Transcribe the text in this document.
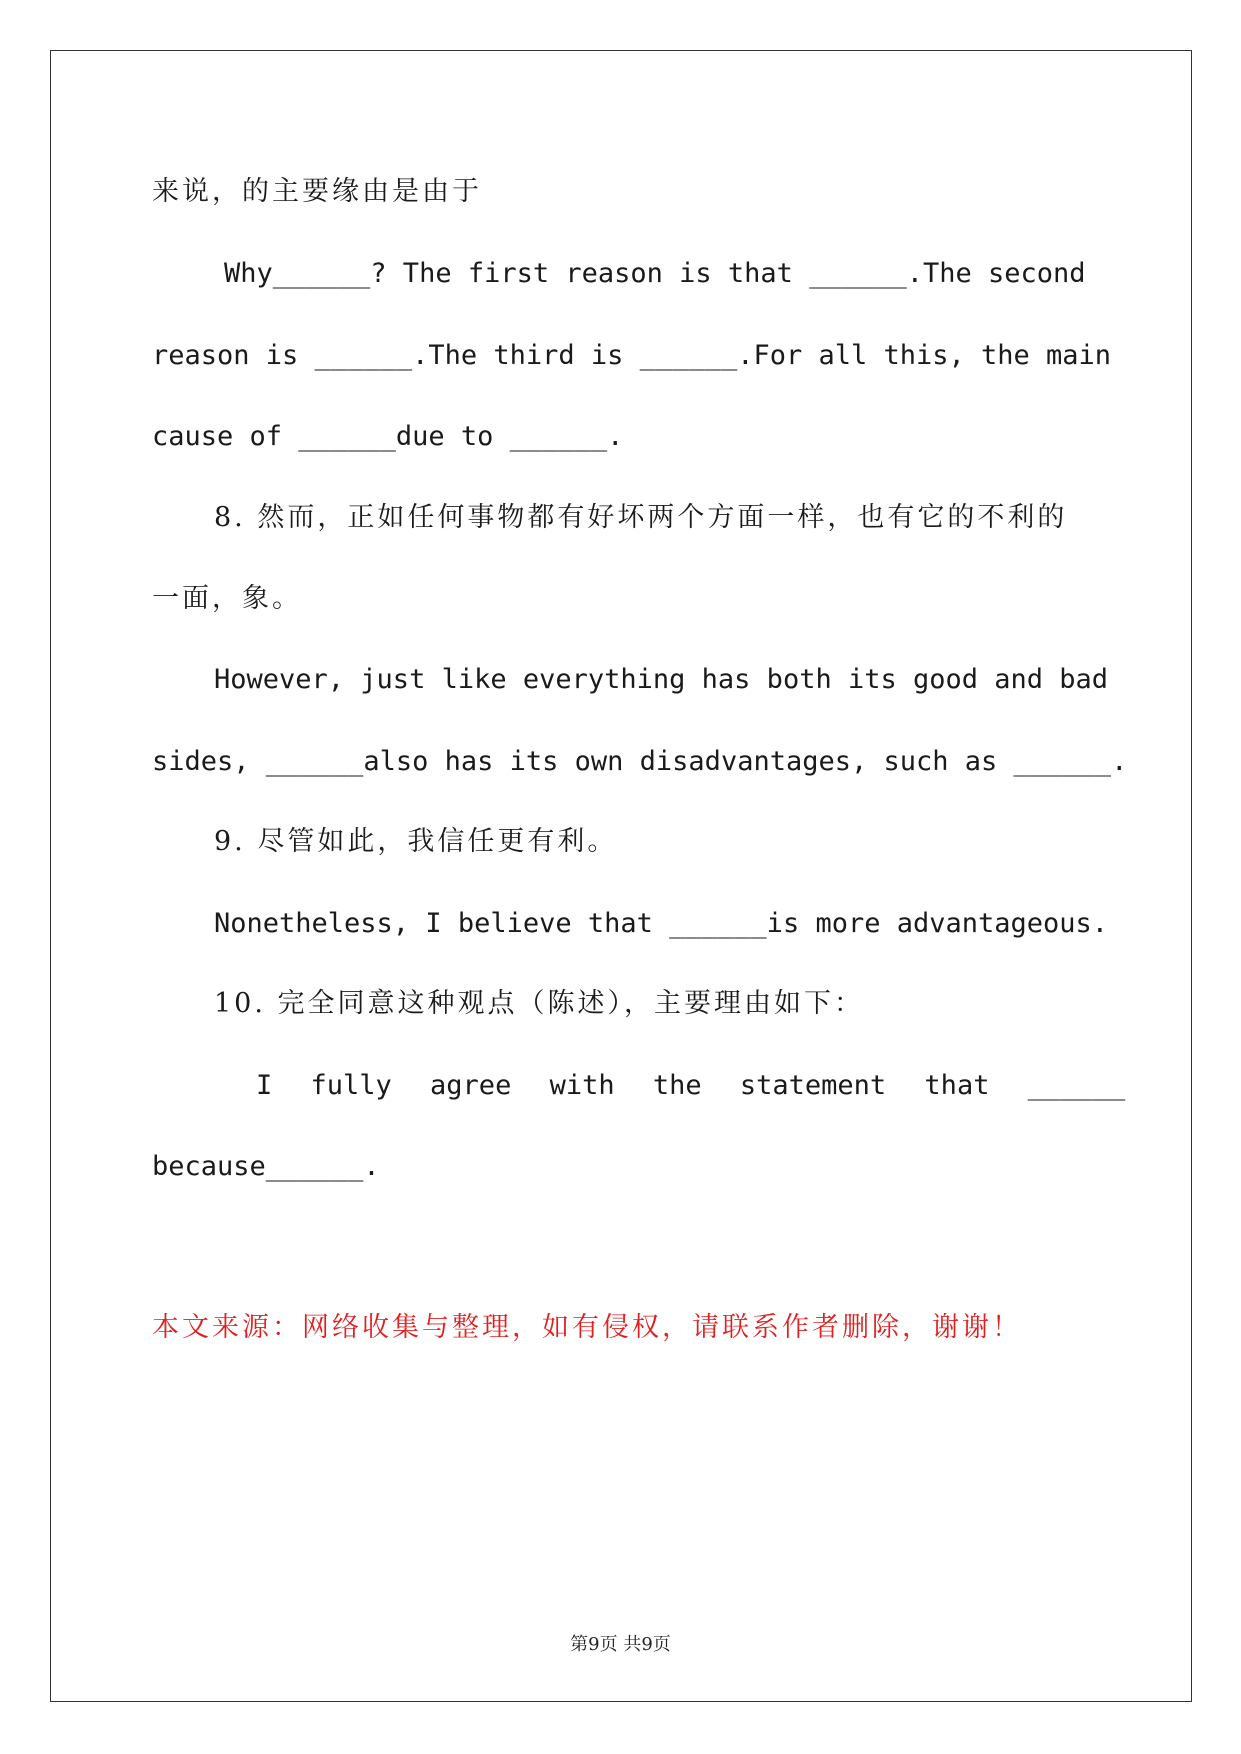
来说，的主要缘由是由于
Why______? The first reason is that ______.The second
reason is ______.The third is ______.For all this, the main
cause of ______due to ______.
8. 然而，正如任何事物都有好坏两个方面一样，也有它的不利的
一面，象。
However, just like everything has both its good and bad
sides, ______also has its own disadvantages, such as ______.
9. 尽管如此，我信任更有利。
Nonetheless, I believe that ______is more advantageous.
10. 完全同意这种观点（陈述），主要理由如下：
I fully agree with the statement that ______
because______.
本文来源：网络收集与整理，如有侵权，请联系作者删除，谢谢！
第9页 共9页
